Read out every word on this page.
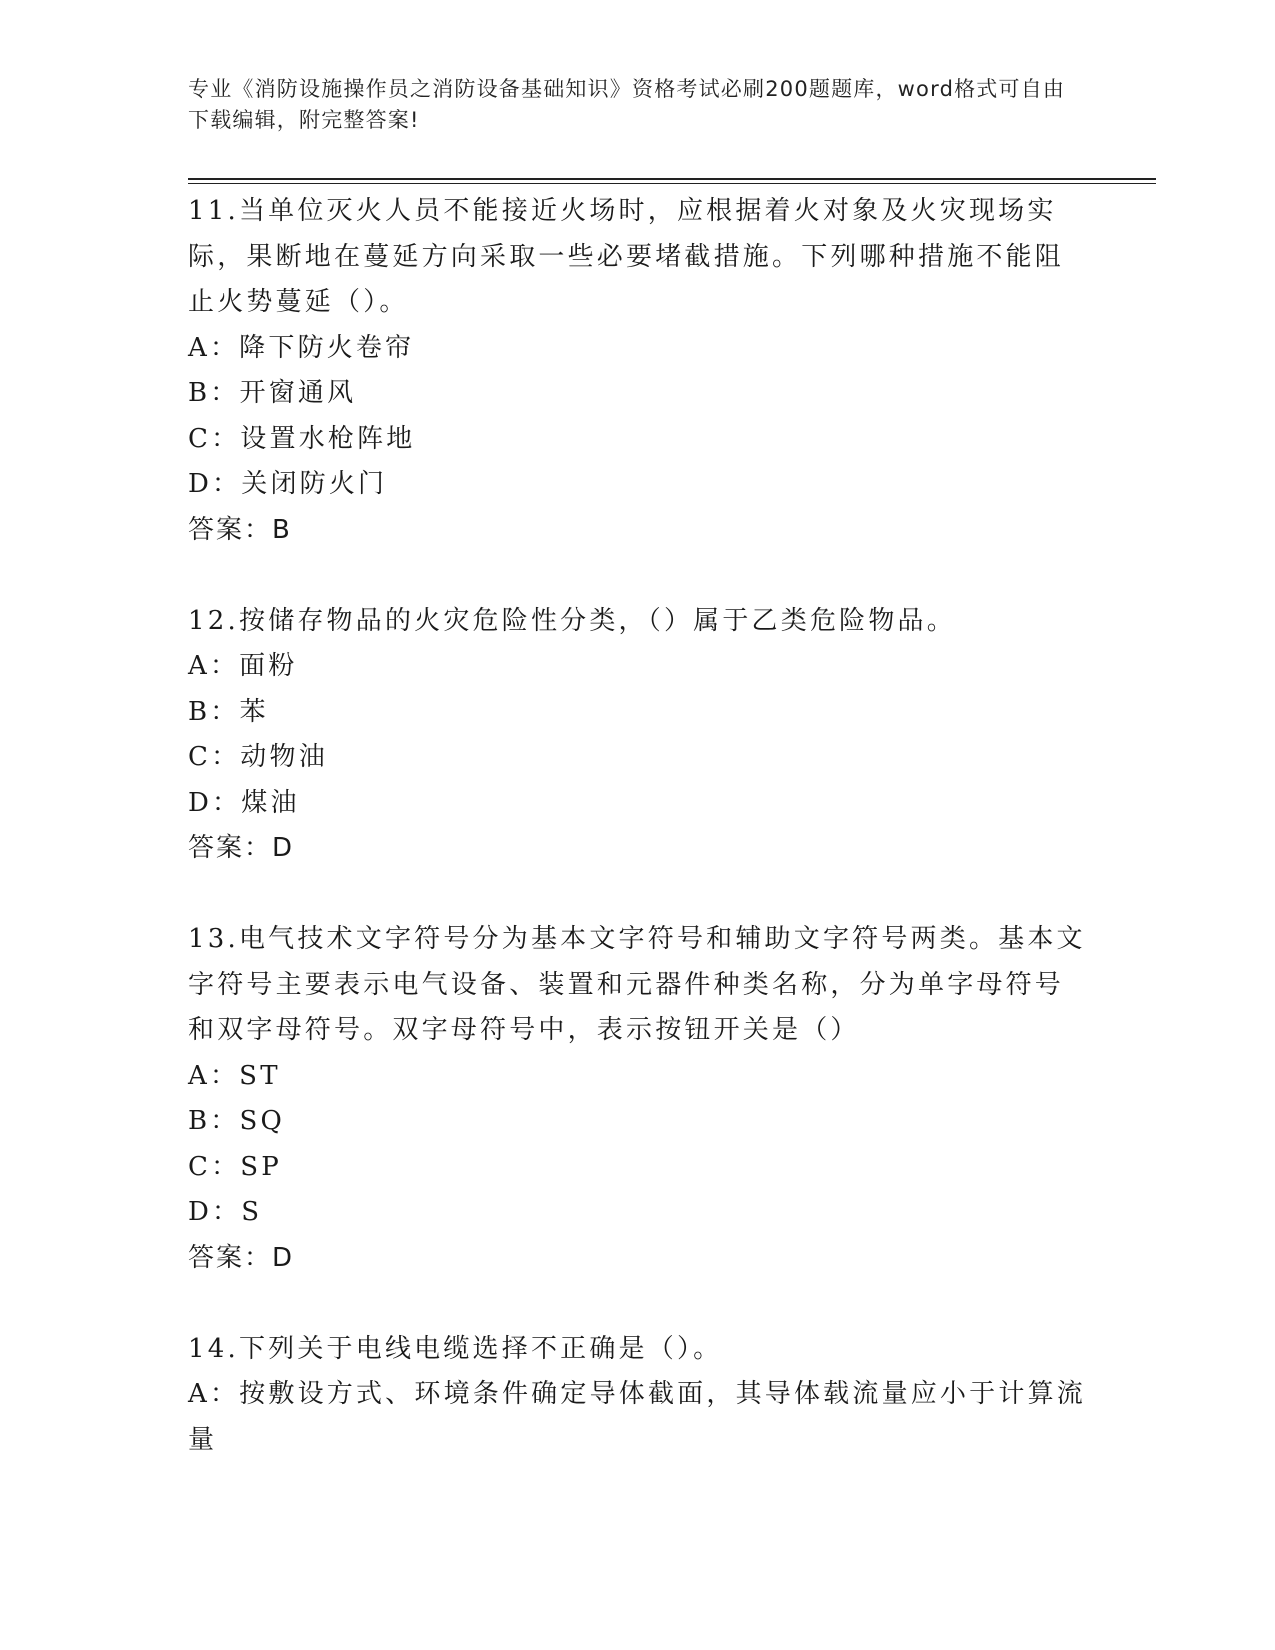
专业《消防设施操作员之消防设备基础知识》资格考试必刷200题题库，word格式可自由下载编辑，附完整答案!
11.当单位灭火人员不能接近火场时，应根据着火对象及火灾现场实际，果断地在蔓延方向采取一些必要堵截措施。下列哪种措施不能阻止火势蔓延（）。
A：降下防火卷帘
B：开窗通风
C：设置水枪阵地
D：关闭防火门
答案：B
12.按储存物品的火灾危险性分类，（）属于乙类危险物品。
A：面粉
B：苯
C：动物油
D：煤油
答案：D
13.电气技术文字符号分为基本文字符号和辅助文字符号两类。基本文字符号主要表示电气设备、装置和元器件种类名称，分为单字母符号和双字母符号。双字母符号中，表示按钮开关是（）
A：ST
B：SQ
C：SP
D：S
答案：D
14.下列关于电线电缆选择不正确是（）。
A：按敷设方式、环境条件确定导体截面，其导体载流量应小于计算流量
